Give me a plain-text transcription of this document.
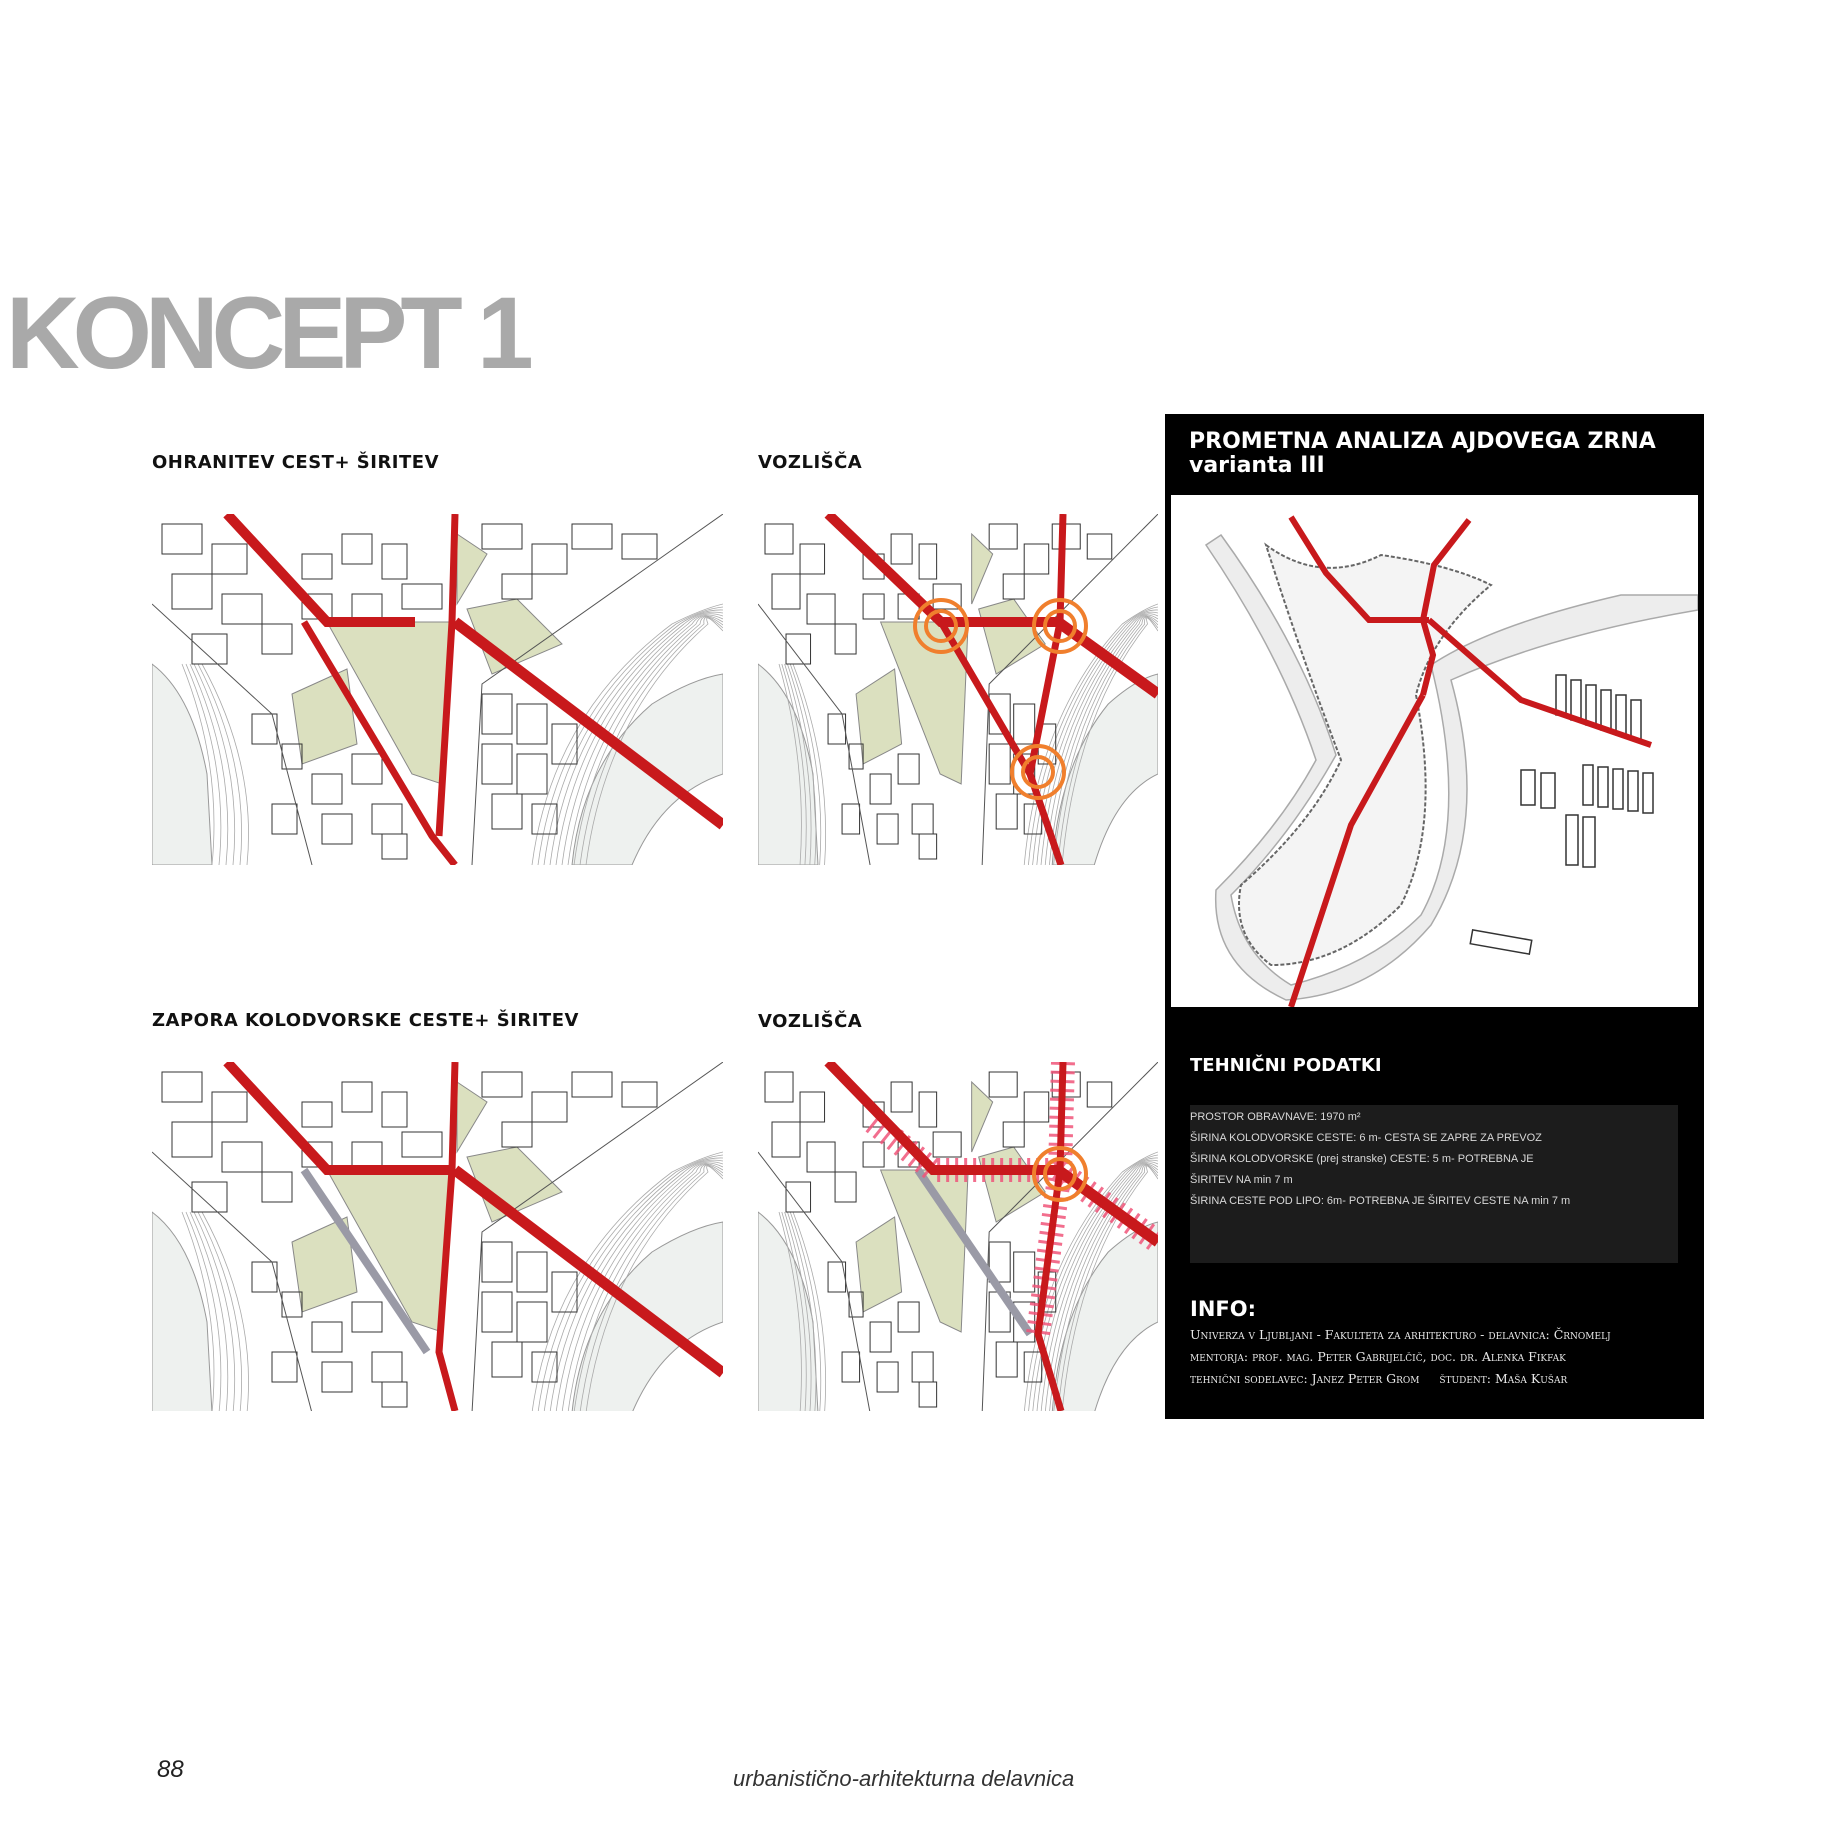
KONCEPT 1
OHRANITEV CEST+ ŠIRITEV	VOZLIŠČA
ZAPORA KOLODVORSKE CESTE+ ŠIRITEV	VOZLIŠČA
PROMETNA ANALIZA AJDOVEGA ZRNA
varianta III
TEHNIČNI PODATKI
PROSTOR OBRAVNAVE: 1970 m²
ŠIRINA KOLODVORSKE CESTE: 6 m- CESTA SE ZAPRE ZA PREVOZ
ŠIRINA KOLODVORSKE (prej stranske) CESTE: 5 m- POTREBNA JE
ŠIRITEV NA min 7 m
ŠIRINA CESTE POD LIPO: 6m- POTREBNA JE ŠIRITEV CESTE NA min 7 m
INFO:
Univerza v Ljubljani - Fakulteta za arhitekturo - delavnica: Črnomelj
mentorja: prof. mag. Peter Gabrijelčič, doc. dr. Alenka Fikfak
tehnični sodelavec: Janez Peter Grom     študent: Maša Kušar
88	urbanistično-arhitekturna delavnica
